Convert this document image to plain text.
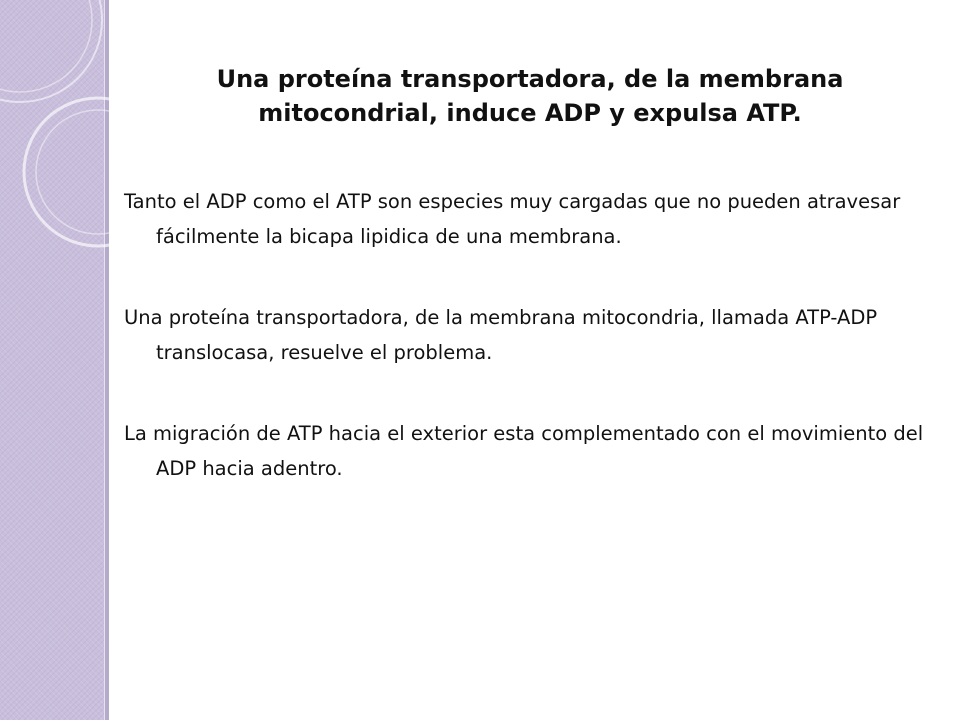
Una proteína transportadora, de la membrana mitocondrial, induce ADP y expulsa ATP.

Tanto el ADP como el ATP son especies muy cargadas que no pueden atravesar fácilmente la bicapa lipidica de una membrana.

Una proteína transportadora, de la membrana mitocondria, llamada ATP-ADP translocasa, resuelve el problema.

La migración de ATP hacia el exterior esta complementado con el movimiento del ADP hacia adentro.
